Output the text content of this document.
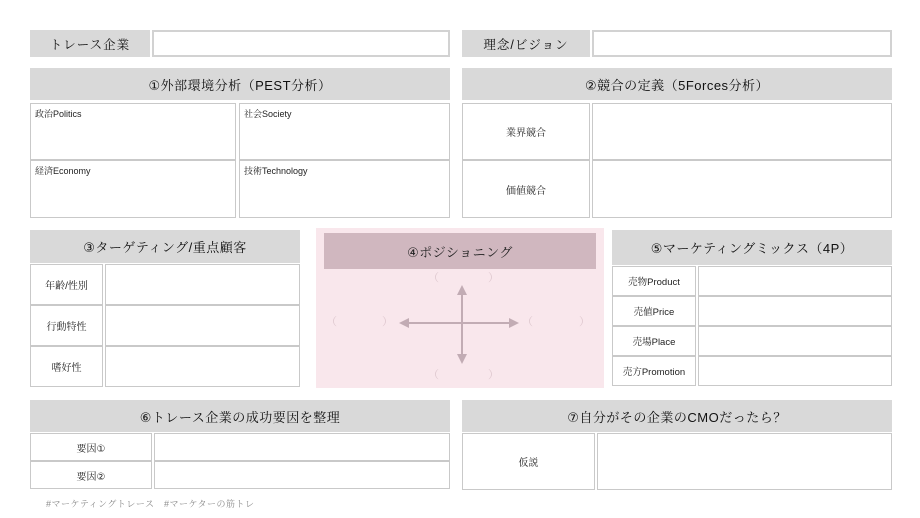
トレース企業	理念/ビジョン
①外部環境分析（PEST分析）
政治Politics	社会Society
経済Economy	技術Technology
②競合の定義（5Forces分析）
業界競合
価値競合
③ターゲティング/重点顧客
年齢/性別
行動特性
嗜好性
④ポジショニング
（	）
（	）	（	）
（	）
⑤マーケティングミックス（4P）
売物Product
売値Price
売場Place
売方Promotion
⑥トレース企業の成功要因を整理
要因①
要因②
⑦自分がその企業のCMOだったら？
仮説
#マーケティングトレース　#マーケターの筋トレ
